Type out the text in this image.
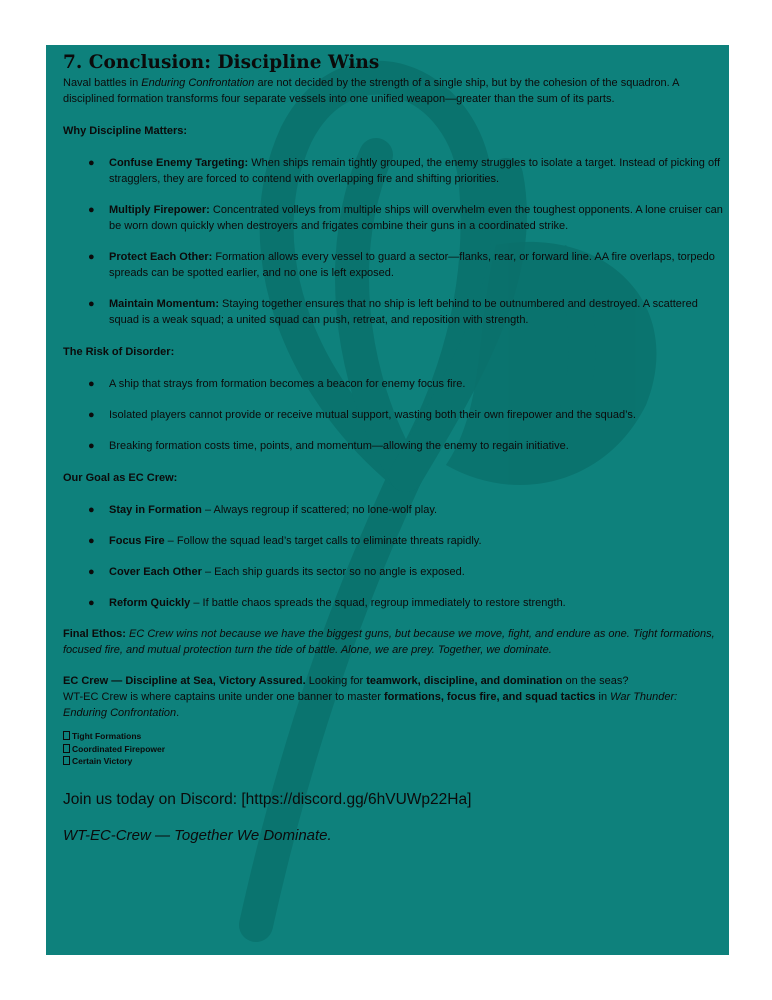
7. Conclusion: Discipline Wins

Naval battles in Enduring Confrontation are not decided by the strength of a single ship, but by the cohesion of the squadron. A disciplined formation transforms four separate vessels into one unified weapon—greater than the sum of its parts.

Why Discipline Matters:

● Confuse Enemy Targeting: When ships remain tightly grouped, the enemy struggles to isolate a target. Instead of picking off stragglers, they are forced to contend with overlapping fire and shifting priorities.
● Multiply Firepower: Concentrated volleys from multiple ships will overwhelm even the toughest opponents. A lone cruiser can be worn down quickly when destroyers and frigates combine their guns in a coordinated strike.
● Protect Each Other: Formation allows every vessel to guard a sector—flanks, rear, or forward line. AA fire overlaps, torpedo spreads can be spotted earlier, and no one is left exposed.
● Maintain Momentum: Staying together ensures that no ship is left behind to be outnumbered and destroyed. A scattered squad is a weak squad; a united squad can push, retreat, and reposition with strength.

The Risk of Disorder:

● A ship that strays from formation becomes a beacon for enemy focus fire.
● Isolated players cannot provide or receive mutual support, wasting both their own firepower and the squad’s.
● Breaking formation costs time, points, and momentum—allowing the enemy to regain initiative.

Our Goal as EC Crew:

● Stay in Formation – Always regroup if scattered; no lone-wolf play.
● Focus Fire – Follow the squad lead’s target calls to eliminate threats rapidly.
● Cover Each Other – Each ship guards its sector so no angle is exposed.
● Reform Quickly – If battle chaos spreads the squad, regroup immediately to restore strength.

Final Ethos: EC Crew wins not because we have the biggest guns, but because we move, fight, and endure as one. Tight formations, focused fire, and mutual protection turn the tide of battle. Alone, we are prey. Together, we dominate.

EC Crew — Discipline at Sea, Victory Assured. Looking for teamwork, discipline, and domination on the seas?

WT-EC Crew is where captains unite under one banner to master formations, focus fire, and squad tactics in War Thunder: Enduring Confrontation.

Tight Formations
Coordinated Firepower
Certain Victory

Join us today on Discord: [https://discord.gg/6hVUWp22Ha]

WT-EC-Crew — Together We Dominate.
